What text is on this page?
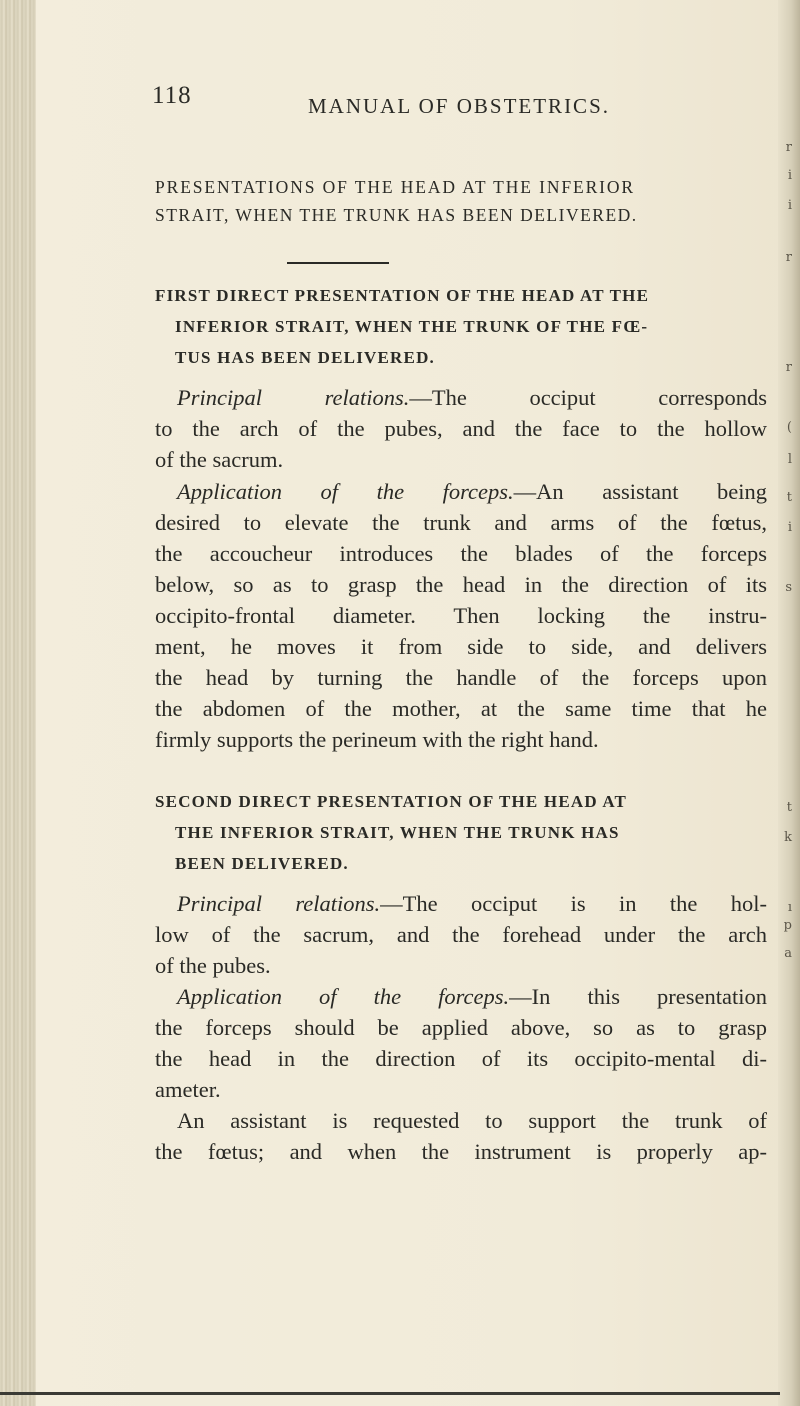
r
i
i
r
r
(
l
t
i
s
t
k
ı
p
a
118	MANUAL OF OBSTETRICS.
PRESENTATIONS OF THE HEAD AT THE INFERIOR
STRAIT, WHEN THE TRUNK HAS BEEN DELIVERED.
FIRST DIRECT PRESENTATION OF THE HEAD AT THE
INFERIOR STRAIT, WHEN THE TRUNK OF THE FŒ-
TUS HAS BEEN DELIVERED.
Principal relations.—The occiput corresponds
to the arch of the pubes, and the face to the hollow
of the sacrum.
Application of the forceps.—An assistant being
desired to elevate the trunk and arms of the fœtus,
the accoucheur introduces the blades of the forceps
below, so as to grasp the head in the direction of its
occipito-frontal diameter. Then locking the instru-
ment, he moves it from side to side, and delivers
the head by turning the handle of the forceps upon
the abdomen of the mother, at the same time that he
firmly supports the perineum with the right hand.
SECOND DIRECT PRESENTATION OF THE HEAD AT
THE INFERIOR STRAIT, WHEN THE TRUNK HAS
BEEN DELIVERED.
Principal relations.—The occiput is in the hol-
low of the sacrum, and the forehead under the arch
of the pubes.
Application of the forceps.—In this presentation
the forceps should be applied above, so as to grasp
the head in the direction of its occipito-mental di-
ameter.
An assistant is requested to support the trunk of
the fœtus; and when the instrument is properly ap-
